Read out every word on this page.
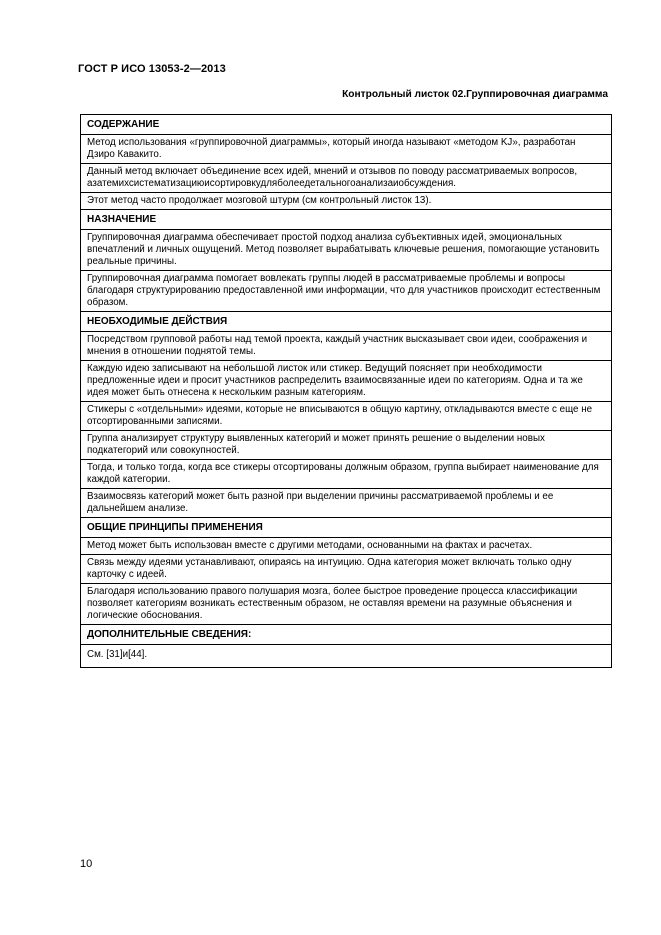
ГОСТ Р ИСО 13053-2—2013
Контрольный листок 02.Группировочная диаграмма
СОДЕРЖАНИЕ
Метод использования «группировочной диаграммы», который иногда называют «методом KJ», разработан Дзиро Кавакито.
Данный метод включает объединение всех идей, мнений и отзывов по поводу рассматриваемых вопросов, азатемихсистематизациюисортировкудляболеедетальногоанализаиобсуждения.
Этот метод часто продолжает мозговой штурм (см контрольный листок 13).
НАЗНАЧЕНИЕ
Группировочная диаграмма обеспечивает простой подход анализа субъективных идей, эмоциональных впечатлений и личных ощущений. Метод позволяет вырабатывать ключевые решения, помогающие установить реальные причины.
Группировочная диаграмма помогает вовлекать группы людей в рассматриваемые проблемы и вопросы благодаря структурированию предоставленной ими информации, что для участников происходит естественным образом.
НЕОБХОДИМЫЕ ДЕЙСТВИЯ
Посредством групповой работы над темой проекта, каждый участник высказывает свои идеи, соображения и мнения в отношении поднятой темы.
Каждую идею записывают на небольшой листок или стикер. Ведущий поясняет при необходимости предложенные идеи и просит участников распределить взаимосвязанные идеи по категориям. Одна и та же идея может быть отнесена к нескольким разным категориям.
Стикеры с «отдельными» идеями, которые не вписываются в общую картину, откладываются вместе с еще не отсортированными записями.
Группа анализирует структуру выявленных категорий и может принять решение о выделении новых подкатегорий или совокупностей.
Тогда, и только тогда, когда все стикеры отсортированы должным образом, группа выбирает наименование для каждой категории.
Взаимосвязь категорий может быть разной при выделении причины рассматриваемой проблемы и ее дальнейшем анализе.
ОБЩИЕ ПРИНЦИПЫ ПРИМЕНЕНИЯ
Метод может быть использован вместе с другими методами, основанными на фактах и расчетах.
Связь между идеями устанавливают, опираясь на интуицию. Одна категория может включать только одну карточку с идеей.
Благодаря использованию правого полушария мозга, более быстрое проведение процесса классификации позволяет категориям возникать естественным образом, не оставляя времени на разумные объяснения и логические обоснования.
ДОПОЛНИТЕЛЬНЫЕ СВЕДЕНИЯ:
См. [31]и[44].
10
